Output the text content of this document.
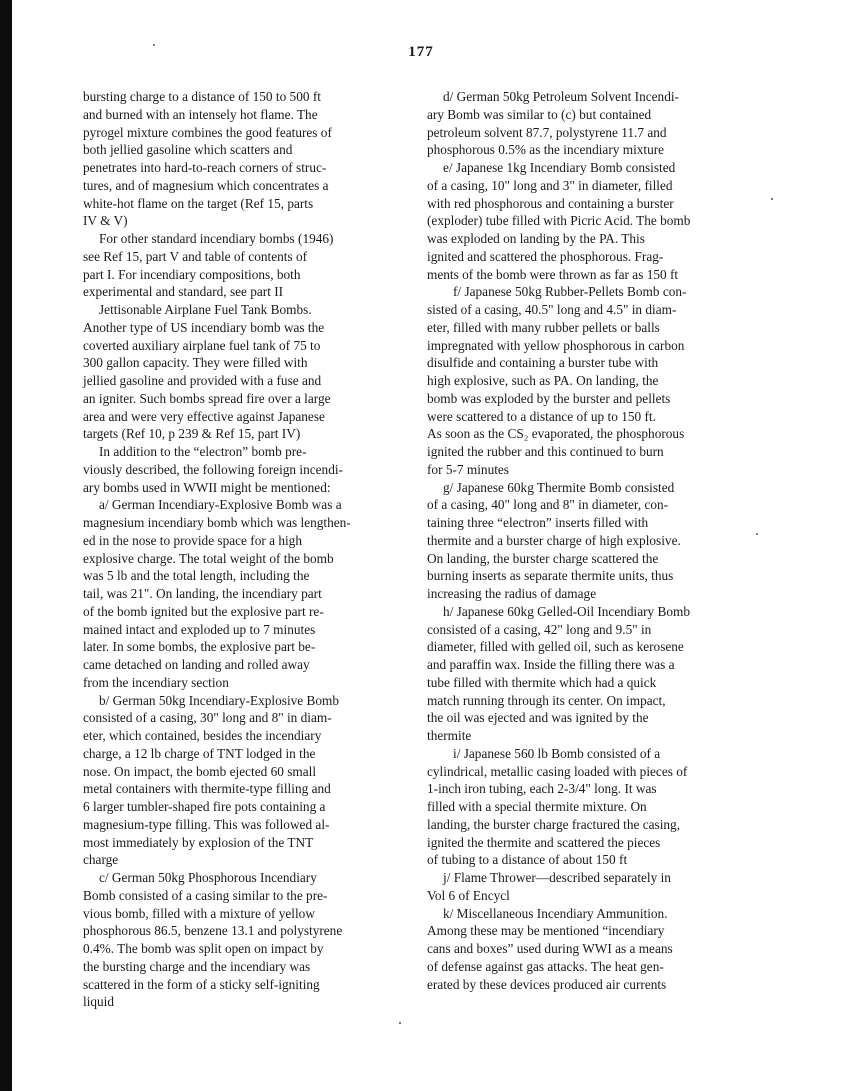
177
bursting charge to a distance of 150 to 500 ft
and burned with an intensely hot flame. The
pyrogel mixture combines the good features of
both jellied gasoline which scatters and
penetrates into hard-to-reach corners of struc-
tures, and of magnesium which concentrates a
white-hot flame on the target (Ref 15, parts
IV & V)
For other standard incendiary bombs (1946)
see Ref 15, part V and table of contents of
part I. For incendiary compositions, both
experimental and standard, see part II
Jettisonable Airplane Fuel Tank Bombs.
Another type of US incendiary bomb was the
coverted auxiliary airplane fuel tank of 75 to
300 gallon capacity. They were filled with
jellied gasoline and provided with a fuse and
an igniter. Such bombs spread fire over a large
area and were very effective against Japanese
targets (Ref 10, p 239 & Ref 15, part IV)
In addition to the “electron” bomb pre-
viously described, the following foreign incendi-
ary bombs used in WWII might be mentioned:
a/ German Incendiary-Explosive Bomb was a
magnesium incendiary bomb which was lengthen-
ed in the nose to provide space for a high
explosive charge. The total weight of the bomb
was 5 lb and the total length, including the
tail, was 21". On landing, the incendiary part
of the bomb ignited but the explosive part re-
mained intact and exploded up to 7 minutes
later. In some bombs, the explosive part be-
came detached on landing and rolled away
from the incendiary section
b/ German 50kg Incendiary-Explosive Bomb
consisted of a casing, 30" long and 8" in diam-
eter, which contained, besides the incendiary
charge, a 12 lb charge of TNT lodged in the
nose. On impact, the bomb ejected 60 small
metal containers with thermite-type filling and
6 larger tumbler-shaped fire pots containing a
magnesium-type filling. This was followed al-
most immediately by explosion of the TNT
charge
c/ German 50kg Phosphorous Incendiary
Bomb consisted of a casing similar to the pre-
vious bomb, filled with a mixture of yellow
phosphorous 86.5, benzene 13.1 and polystyrene
0.4%. The bomb was split open on impact by
the bursting charge and the incendiary was
scattered in the form of a sticky self-igniting
liquid
d/ German 50kg Petroleum Solvent Incendi-
ary Bomb was similar to (c) but contained
petroleum solvent 87.7, polystyrene 11.7 and
phosphorous 0.5% as the incendiary mixture
e/ Japanese 1kg Incendiary Bomb consisted
of a casing, 10" long and 3" in diameter, filled
with red phosphorous and containing a burster
(exploder) tube filled with Picric Acid. The bomb
was exploded on landing by the PA. This
ignited and scattered the phosphorous. Frag-
ments of the bomb were thrown as far as 150 ft
f/ Japanese 50kg Rubber-Pellets Bomb con-
sisted of a casing, 40.5" long and 4.5" in diam-
eter, filled with many rubber pellets or balls
impregnated with yellow phosphorous in carbon
disulfide and containing a burster tube with
high explosive, such as PA. On landing, the
bomb was exploded by the burster and pellets
were scattered to a distance of up to 150 ft.
As soon as the CS₂ evaporated, the phosphorous
ignited the rubber and this continued to burn
for 5-7 minutes
g/ Japanese 60kg Thermite Bomb consisted
of a casing, 40" long and 8" in diameter, con-
taining three “electron” inserts filled with
thermite and a burster charge of high explosive.
On landing, the burster charge scattered the
burning inserts as separate thermite units, thus
increasing the radius of damage
h/ Japanese 60kg Gelled-Oil Incendiary Bomb
consisted of a casing, 42" long and 9.5" in
diameter, filled with gelled oil, such as kerosene
and paraffin wax. Inside the filling there was a
tube filled with thermite which had a quick
match running through its center. On impact,
the oil was ejected and was ignited by the
thermite
i/ Japanese 560 lb Bomb consisted of a
cylindrical, metallic casing loaded with pieces of
1-inch iron tubing, each 2-3/4" long. It was
filled with a special thermite mixture. On
landing, the burster charge fractured the casing,
ignited the thermite and scattered the pieces
of tubing to a distance of about 150 ft
j/ Flame Thrower—described separately in
Vol 6 of Encycl
k/ Miscellaneous Incendiary Ammunition.
Among these may be mentioned “incendiary
cans and boxes” used during WWI as a means
of defense against gas attacks. The heat gen-
erated by these devices produced air currents
